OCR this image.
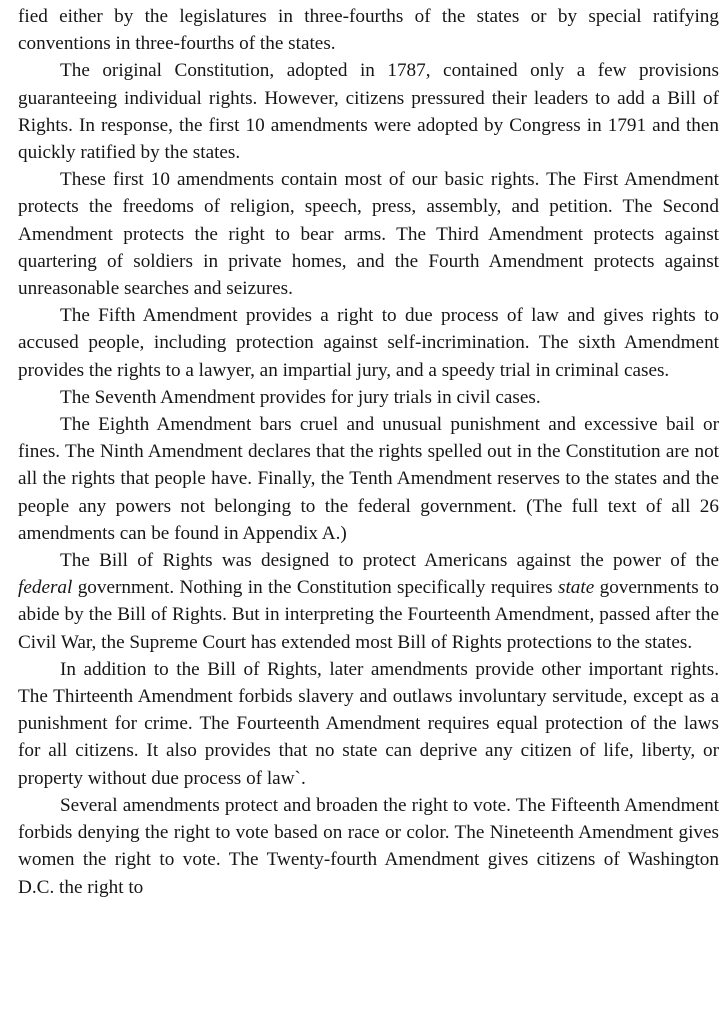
fied either by the legislatures in three-fourths of the states or by special ratifying conventions in three-fourths of the states.

The original Constitution, adopted in 1787, contained only a few provisions guaranteeing individual rights. However, citizens pressured their leaders to add a Bill of Rights. In response, the first 10 amendments were adopted by Congress in 1791 and then quickly ratified by the states.

These first 10 amendments contain most of our basic rights. The First Amendment protects the freedoms of religion, speech, press, assembly, and petition. The Second Amendment protects the right to bear arms. The Third Amendment protects against quartering of soldiers in private homes, and the Fourth Amendment protects against unreasonable searches and seizures.

The Fifth Amendment provides a right to due process of law and gives rights to accused people, including protection against self-incrimination. The sixth Amendment provides the rights to a lawyer, an impartial jury, and a speedy trial in criminal cases.

The Seventh Amendment provides for jury trials in civil cases.

The Eighth Amendment bars cruel and unusual punishment and excessive bail or fines. The Ninth Amendment declares that the rights spelled out in the Constitution are not all the rights that people have. Finally, the Tenth Amendment reserves to the states and the people any powers not belonging to the federal government. (The full text of all 26 amendments can be found in Appendix A.)

The Bill of Rights was designed to protect Americans against the power of the federal government. Nothing in the Constitution specifically requires state governments to abide by the Bill of Rights. But in interpreting the Fourteenth Amendment, passed after the Civil War, the Supreme Court has extended most Bill of Rights protections to the states.

In addition to the Bill of Rights, later amendments provide other important rights. The Thirteenth Amendment forbids slavery and outlaws involuntary servitude, except as a punishment for crime. The Fourteenth Amendment requires equal protection of the laws for all citizens. It also provides that no state can deprive any citizen of life, liberty, or property without due process of law`.

Several amendments protect and broaden the right to vote. The Fifteenth Amendment forbids denying the right to vote based on race or color. The Nineteenth Amendment gives women the right to vote. The Twenty-fourth Amendment gives citizens of Washington D.C. the right to
